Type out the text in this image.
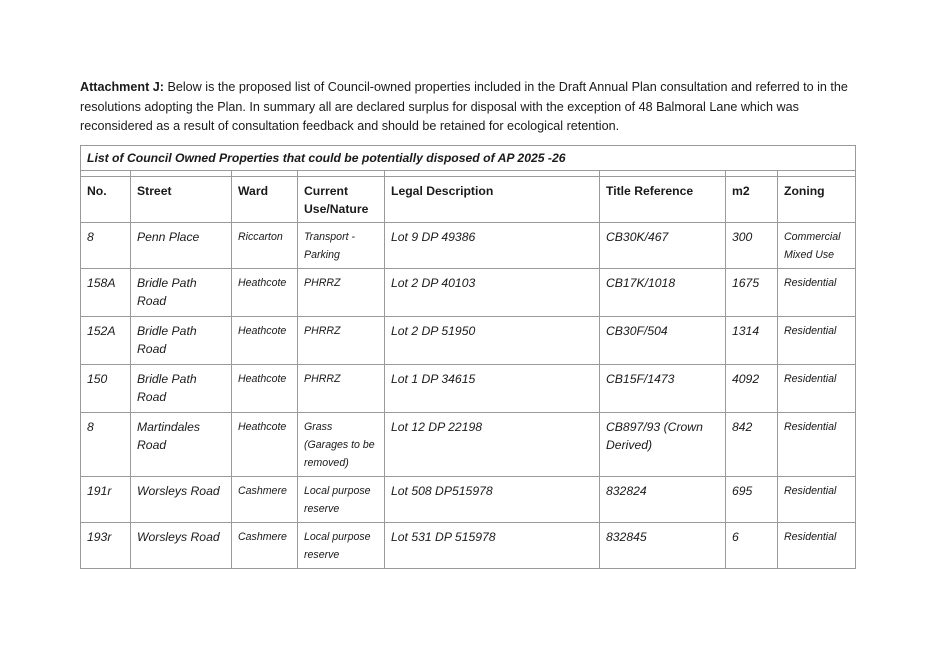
Attachment J: Below is the proposed list of Council-owned properties included in the Draft Annual Plan consultation and referred to in the resolutions adopting the Plan. In summary all are declared surplus for disposal with the exception of 48 Balmoral Lane which was reconsidered as a result of consultation feedback and should be retained for ecological retention.

List of Council Owned Properties that could be potentially disposed of AP 2025 -26							

No.	Street	Ward	Current Use/Nature	Legal Description	Title Reference	m2	Zoning
8	Penn Place	Riccarton	Transport - Parking	Lot 9 DP 49386	CB30K/467	300	Commercial Mixed Use
158A	Bridle Path Road	Heathcote	PHRRZ	Lot 2 DP 40103	CB17K/1018	1675	Residential
152A	Bridle Path Road	Heathcote	PHRRZ	Lot 2 DP 51950	CB30F/504	1314	Residential
150	Bridle Path Road	Heathcote	PHRRZ	Lot 1 DP 34615	CB15F/1473	4092	Residential
8	Martindales Road	Heathcote	Grass (Garages to be removed)	Lot 12 DP 22198	CB897/93 (Crown Derived)	842	Residential
191r	Worsleys Road	Cashmere	Local purpose reserve	Lot 508 DP515978	832824	695	Residential
193r	Worsleys Road	Cashmere	Local purpose reserve	Lot 531 DP 515978	832845	6	Residential
